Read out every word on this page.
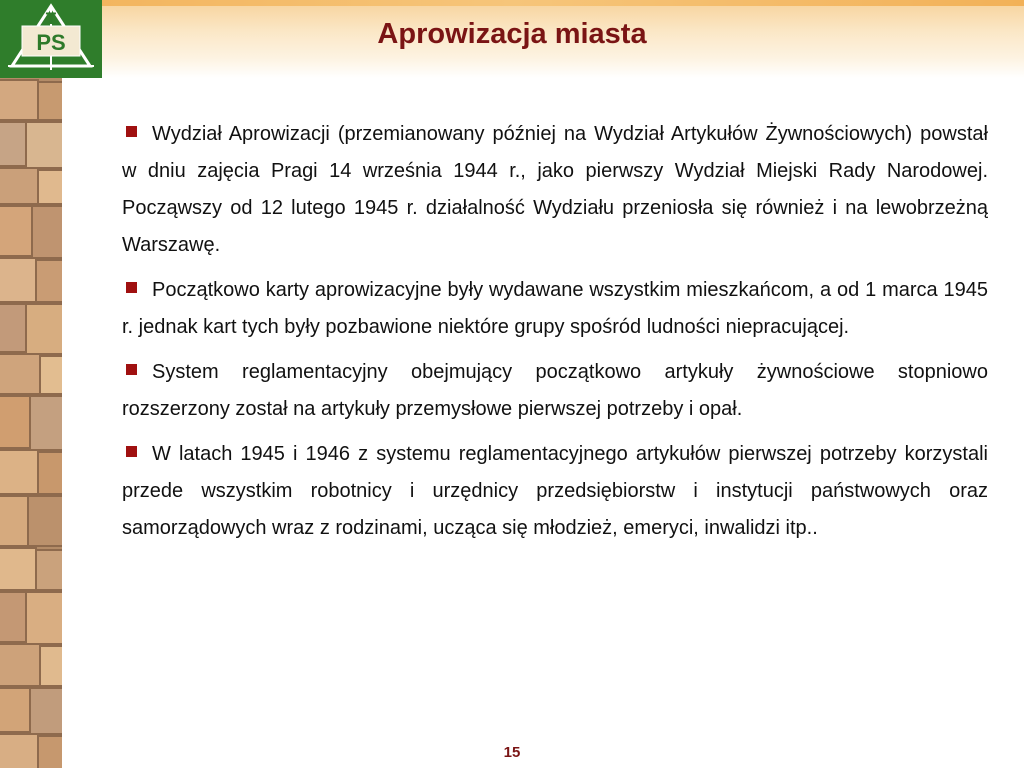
T
PS	Aprowizacja miasta

Wydział Aprowizacji (przemianowany później na Wydział Artykułów Żywnościowych) powstał w dniu zajęcia Pragi 14 września 1944 r., jako pierwszy Wydział Miejski Rady Narodowej. Począwszy od 12 lutego 1945 r. działalność Wydziału przeniosła się również i na lewobrzeżną Warszawę.

Początkowo karty aprowizacyjne były wydawane wszystkim mieszkańcom, a od 1 marca 1945 r. jednak kart tych były pozbawione niektóre grupy spośród ludności niepracującej.

System reglamentacyjny obejmujący początkowo artykuły żywnościowe stopniowo rozszerzony został na artykuły przemysłowe pierwszej potrzeby i opał.

W latach 1945 i 1946 z systemu reglamentacyjnego artykułów pierwszej potrzeby korzystali przede wszystkim robotnicy i urzędnicy przedsiębiorstw i instytucji państwowych oraz samorządowych wraz z rodzinami, ucząca się młodzież, emeryci, inwalidzi itp..

15
